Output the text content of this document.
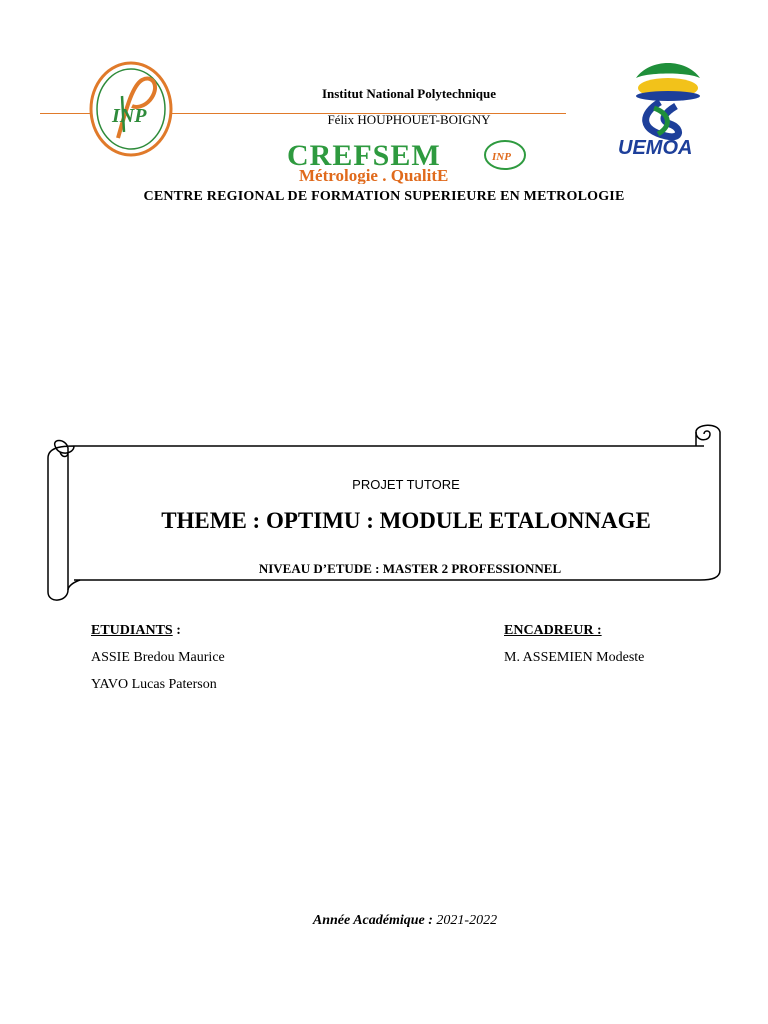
INP
Institut National Polytechnique
Félix HOUPHOUET-BOIGNY
CREFSEM
Métrologie . QualitE
INP	UEMOA
CENTRE REGIONAL DE FORMATION SUPERIEURE EN METROLOGIE
PROJET TUTORE
THEME : OPTIMU : MODULE ETALONNAGE
NIVEAU D’ETUDE : MASTER 2 PROFESSIONNEL
ETUDIANTS :
ASSIE Bredou Maurice
YAVO Lucas Paterson
ENCADREUR :
M. ASSEMIEN Modeste
Année Académique : 2021-2022
